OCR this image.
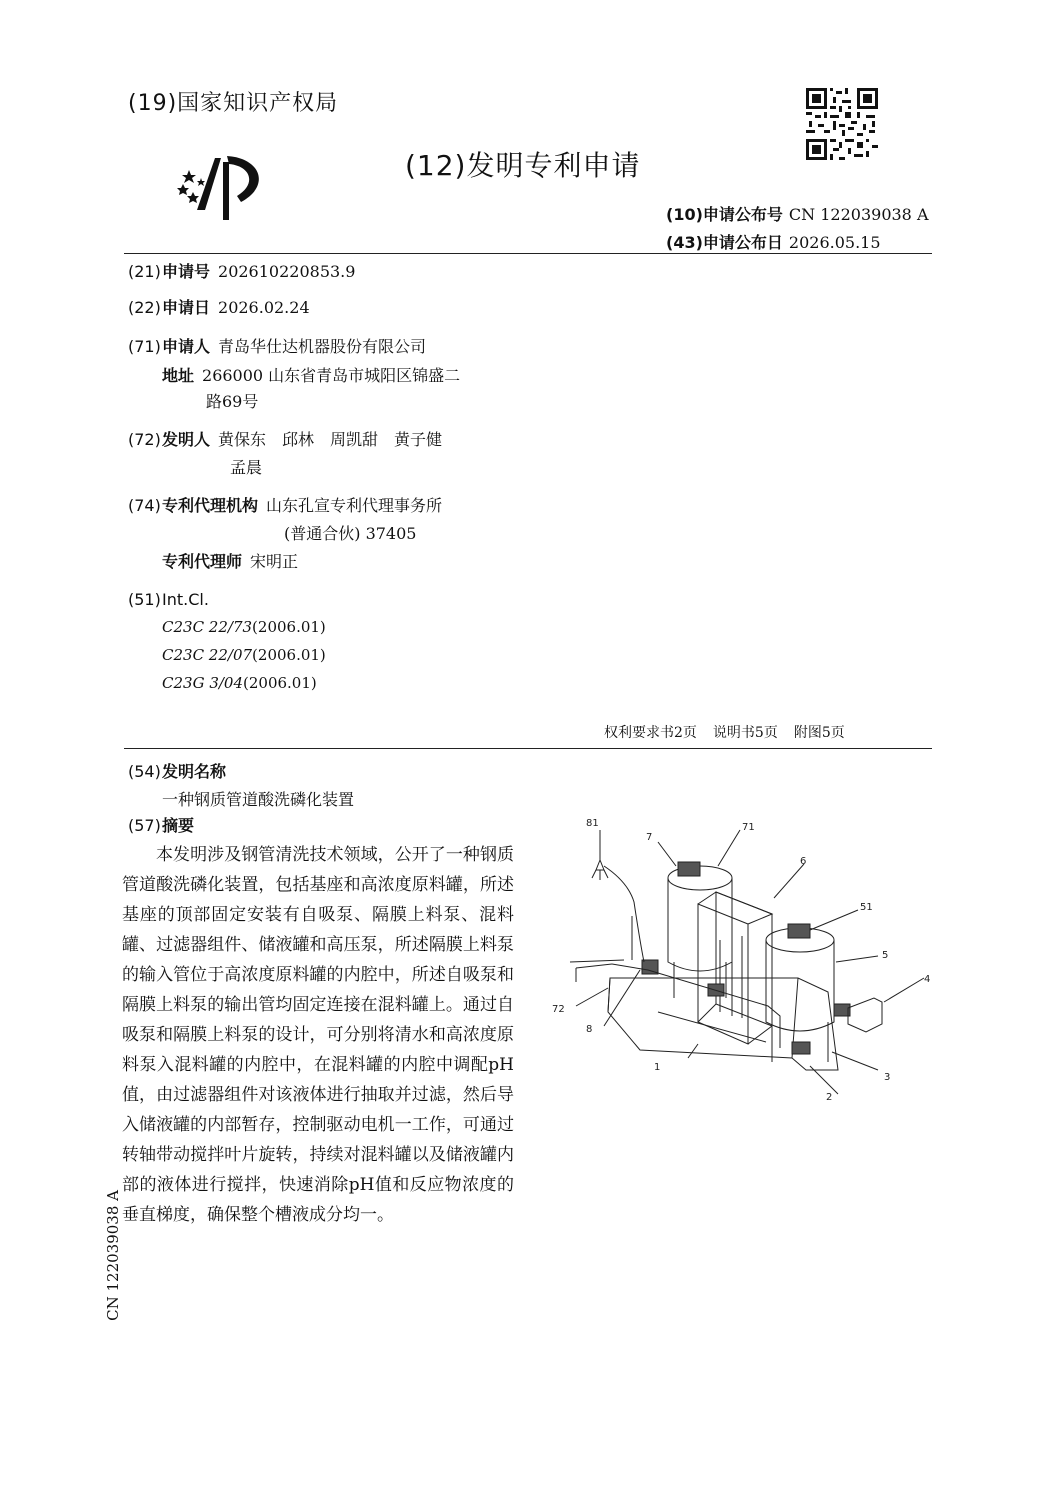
(19)国家知识产权局
(12)发明专利申请
(10)申请公布号 CN 122039038 A
(43)申请公布日 2026.05.15
(21)申请号 202610220853.9
(22)申请日 2026.02.24
(71)申请人 青岛华仕达机器股份有限公司
地址 266000 山东省青岛市城阳区锦盛二
路69号
(72)发明人 黄保东　邱林　周凯甜　黄子健
孟晨
(74)专利代理机构 山东孔宣专利代理事务所
(普通合伙) 37405
专利代理师 宋明正
(51)Int.Cl.
C23C 22/73(2006.01)
C23C 22/07(2006.01)
C23G 3/04(2006.01)
权利要求书2页 说明书5页 附图5页
(54)发明名称
一种钢质管道酸洗磷化装置
(57)摘要
本发明涉及钢管清洗技术领域，公开了一种钢质管道酸洗磷化装置，包括基座和高浓度原料罐，所述基座的顶部固定安装有自吸泵、隔膜上料泵、混料罐、过滤器组件、储液罐和高压泵，所述隔膜上料泵的输入管位于高浓度原料罐的内腔中，所述自吸泵和隔膜上料泵的输出管均固定连接在混料罐上。通过自吸泵和隔膜上料泵的设计，可分别将清水和高浓度原料泵入混料罐的内腔中，在混料罐的内腔中调配pH值，由过滤器组件对该液体进行抽取并过滤，然后导入储液罐的内部暂存，控制驱动电机一工作，可通过转轴带动搅拌叶片旋转，持续对混料罐以及储液罐内部的液体进行搅拌，快速消除pH值和反应物浓度的垂直梯度，确保整个槽液成分均一。
CN 122039038 A
81
7
71
6
51
5
4
3
2
1
8
72
